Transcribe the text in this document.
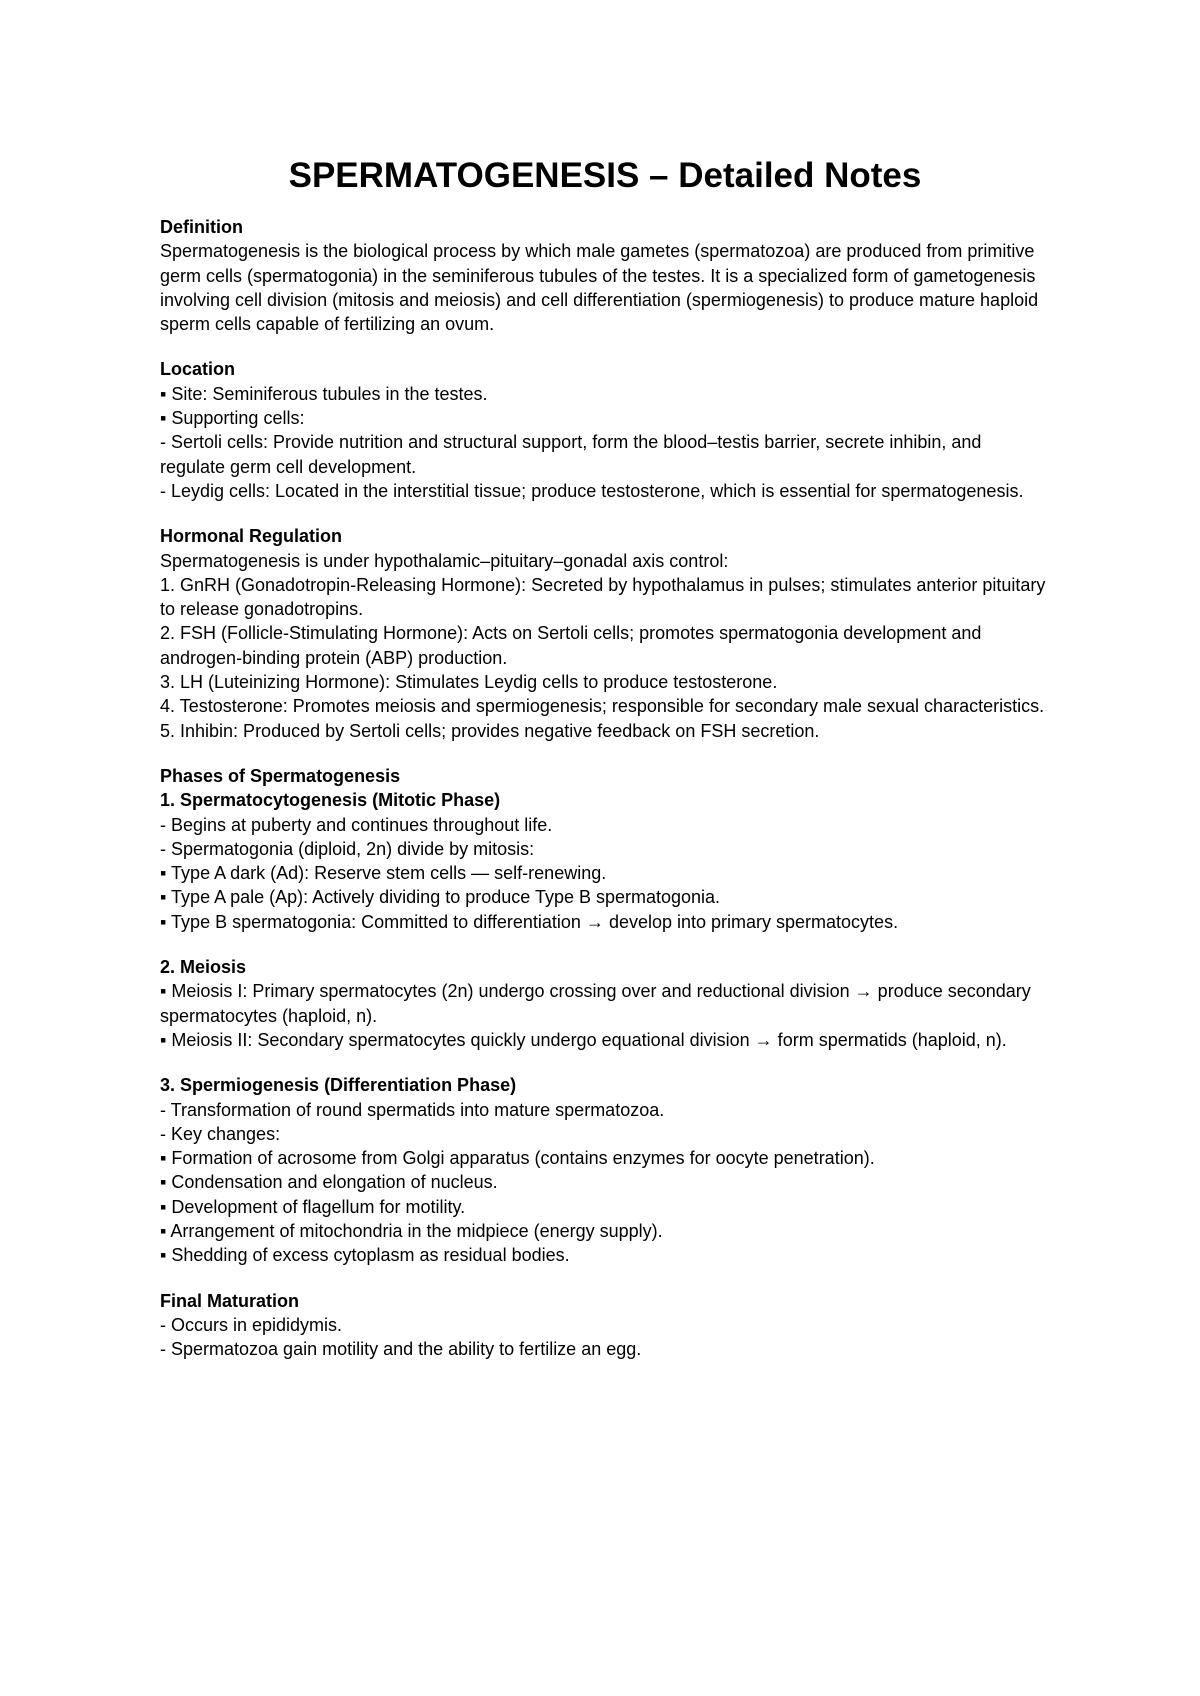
SPERMATOGENESIS – Detailed Notes
Definition
Spermatogenesis is the biological process by which male gametes (spermatozoa) are produced from primitive germ cells (spermatogonia) in the seminiferous tubules of the testes. It is a specialized form of gametogenesis involving cell division (mitosis and meiosis) and cell differentiation (spermiogenesis) to produce mature haploid sperm cells capable of fertilizing an ovum.
Location
▪ Site: Seminiferous tubules in the testes.
▪ Supporting cells:
- Sertoli cells: Provide nutrition and structural support, form the blood–testis barrier, secrete inhibin, and regulate germ cell development.
- Leydig cells: Located in the interstitial tissue; produce testosterone, which is essential for spermatogenesis.
Hormonal Regulation
Spermatogenesis is under hypothalamic–pituitary–gonadal axis control:
1. GnRH (Gonadotropin-Releasing Hormone): Secreted by hypothalamus in pulses; stimulates anterior pituitary to release gonadotropins.
2. FSH (Follicle-Stimulating Hormone): Acts on Sertoli cells; promotes spermatogonia development and androgen-binding protein (ABP) production.
3. LH (Luteinizing Hormone): Stimulates Leydig cells to produce testosterone.
4. Testosterone: Promotes meiosis and spermiogenesis; responsible for secondary male sexual characteristics.
5. Inhibin: Produced by Sertoli cells; provides negative feedback on FSH secretion.
Phases of Spermatogenesis
1. Spermatocytogenesis (Mitotic Phase)
- Begins at puberty and continues throughout life.
- Spermatogonia (diploid, 2n) divide by mitosis:
▪ Type A dark (Ad): Reserve stem cells — self-renewing.
▪ Type A pale (Ap): Actively dividing to produce Type B spermatogonia.
▪ Type B spermatogonia: Committed to differentiation → develop into primary spermatocytes.
2. Meiosis
▪ Meiosis I: Primary spermatocytes (2n) undergo crossing over and reductional division → produce secondary spermatocytes (haploid, n).
▪ Meiosis II: Secondary spermatocytes quickly undergo equational division → form spermatids (haploid, n).
3. Spermiogenesis (Differentiation Phase)
- Transformation of round spermatids into mature spermatozoa.
- Key changes:
▪ Formation of acrosome from Golgi apparatus (contains enzymes for oocyte penetration).
▪ Condensation and elongation of nucleus.
▪ Development of flagellum for motility.
▪ Arrangement of mitochondria in the midpiece (energy supply).
▪ Shedding of excess cytoplasm as residual bodies.
Final Maturation
- Occurs in epididymis.
- Spermatozoa gain motility and the ability to fertilize an egg.
